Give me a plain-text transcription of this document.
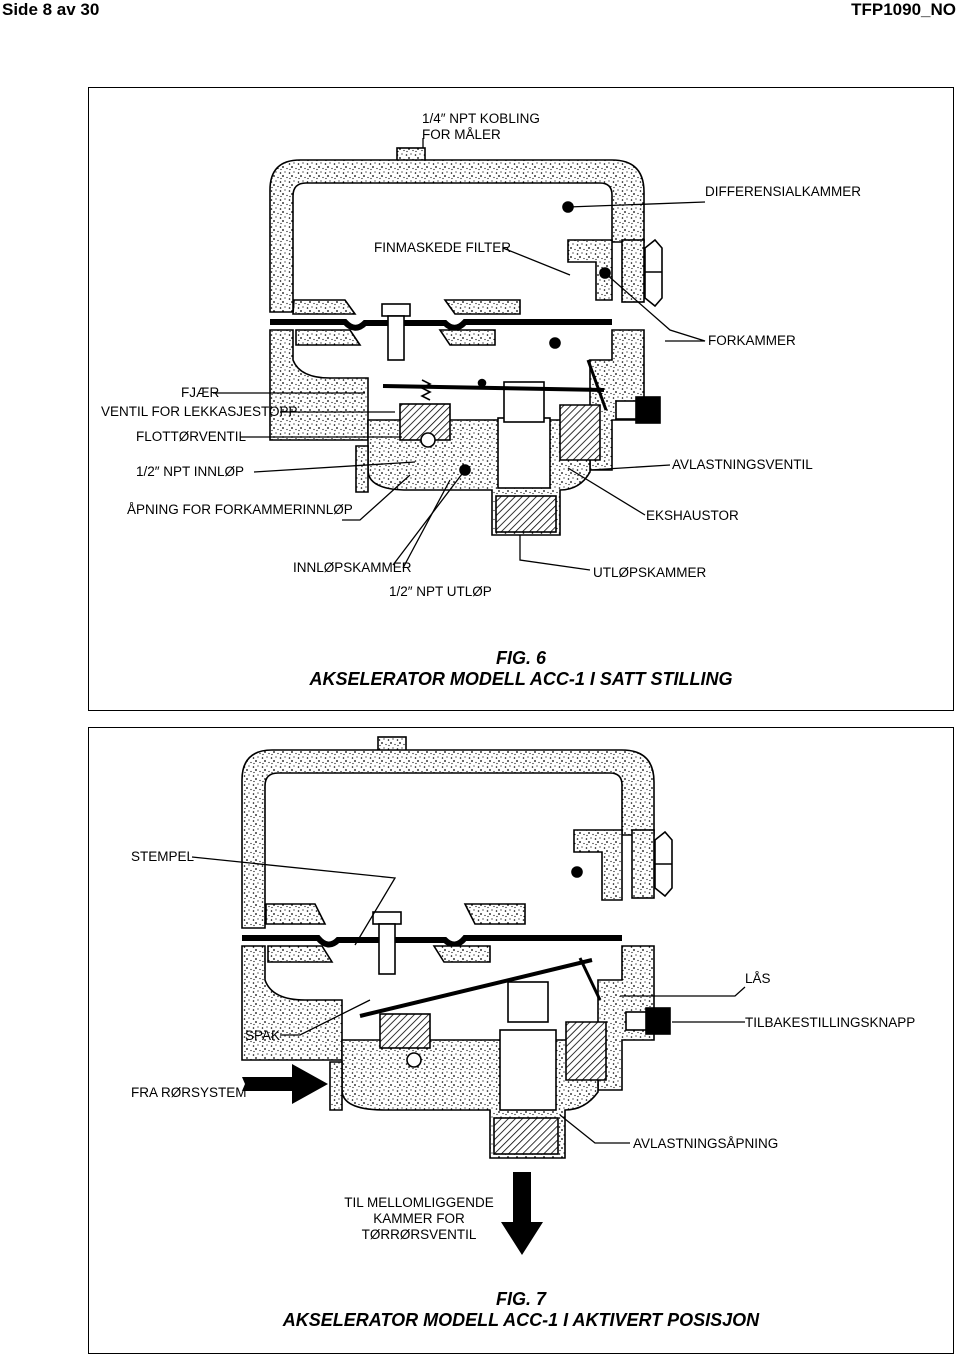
Side 8 av 30	TFP1090_NO
1/4″ NPT KOBLING
FOR MÅLER
DIFFERENSIALKAMMER
FINMASKEDE FILTER
FORKAMMER
FJÆR
VENTIL FOR LEKKASJESTOPP
FLOTTØRVENTIL
1/2″ NPT INNLØP	AVLASTNINGSVENTIL
ÅPNING FOR FORKAMMERINNLØP	EKSHAUSTOR
INNLØPSKAMMER
1/2″ NPT UTLØP
UTLØPSKAMMER
FIG. 6
AKSELERATOR MODELL ACC-1 I SATT STILLING
STEMPEL
LÅS
SPAK
TILBAKESTILLINGSKNAPP
FRA RØRSYSTEM
AVLASTNINGSÅPNING
TIL MELLOMLIGGENDE
KAMMER FOR
TØRRØRSVENTIL
FIG. 7
AKSELERATOR MODELL ACC-1 I AKTIVERT POSISJON
